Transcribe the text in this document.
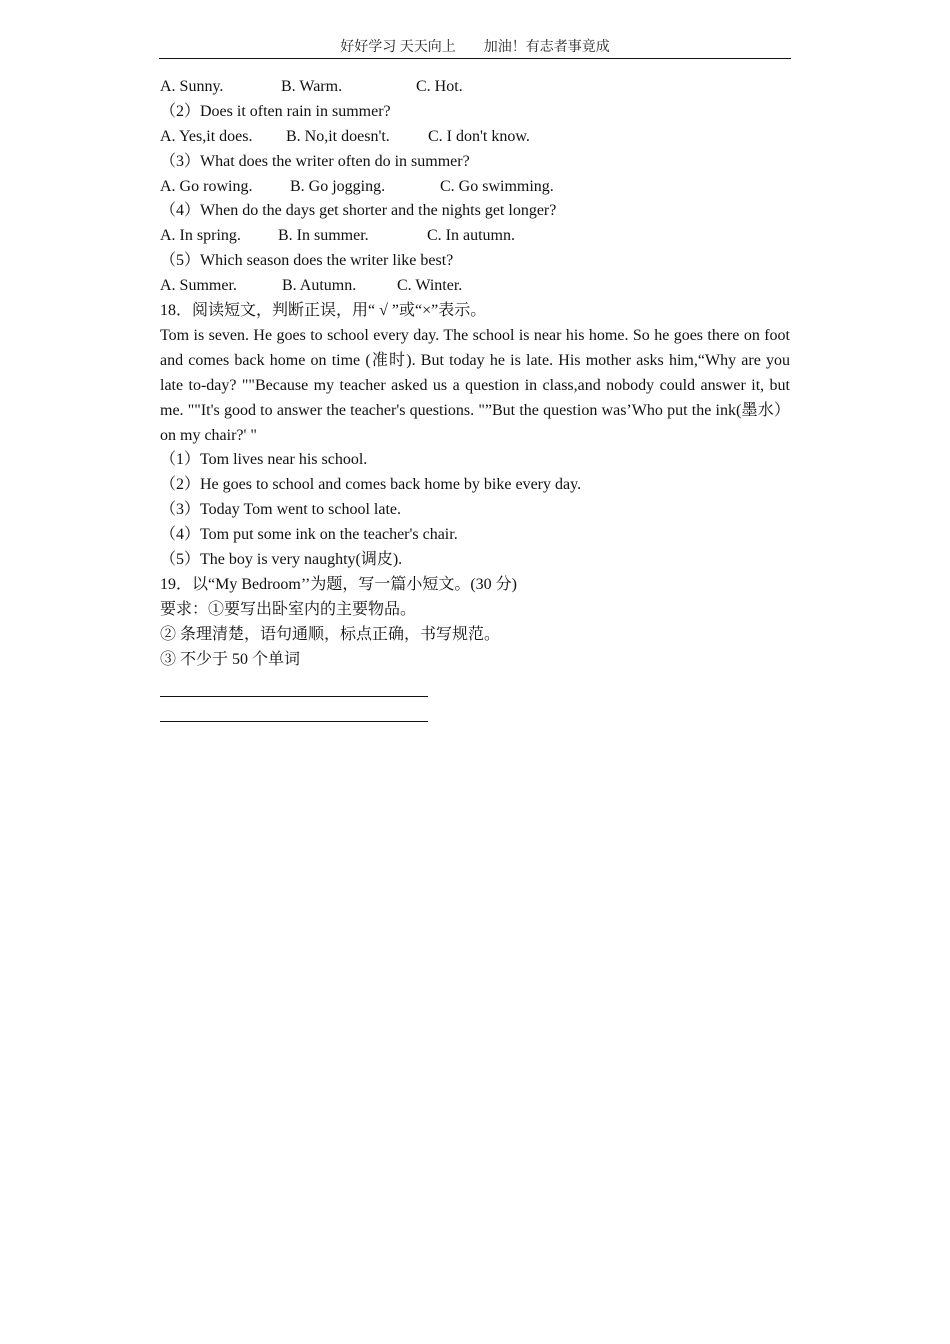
好好学习 天天向上 加油！有志者事竟成
A. Sunny.	B. Warm.	C. Hot.
（2）Does it often rain in summer?
A. Yes,it does. B. No,it doesn't. C. I don't know.
（3）What does the writer often do in summer?
A. Go rowing. B. Go jogging.	C. Go swimming.
（4）When do the days get shorter and the nights get longer?
A. In spring. B. In summer.	C. In autumn.
（5）Which season does the writer like best?
A. Summer.	B. Autumn.	C. Winter.
18．阅读短文，判断正误，用“ √ ”或“×”表示。
Tom is seven. He goes to school every day. The school is near his home. So he goes there on foot and comes back home on time (准时). But today he is late. His mother asks him,“Why are you late to-day? ""Because my teacher asked us a question in class,and nobody could answer it, but me. ""It's good to answer the teacher's questions. "”But the question was’Who put the ink(墨水）on my chair?' "
（1）Tom lives near his school.
（2）He goes to school and comes back home by bike every day.
（3）Today Tom went to school late.
（4）Tom put some ink on the teacher's chair.
（5）The boy is very naughty(调皮).
19．以“My Bedroom’’为题，写一篇小短文。(30 分)
要求：①要写出卧室内的主要物品。
② 条理清楚，语句通顺，标点正确，书写规范。
③ 不少于 50 个单词
